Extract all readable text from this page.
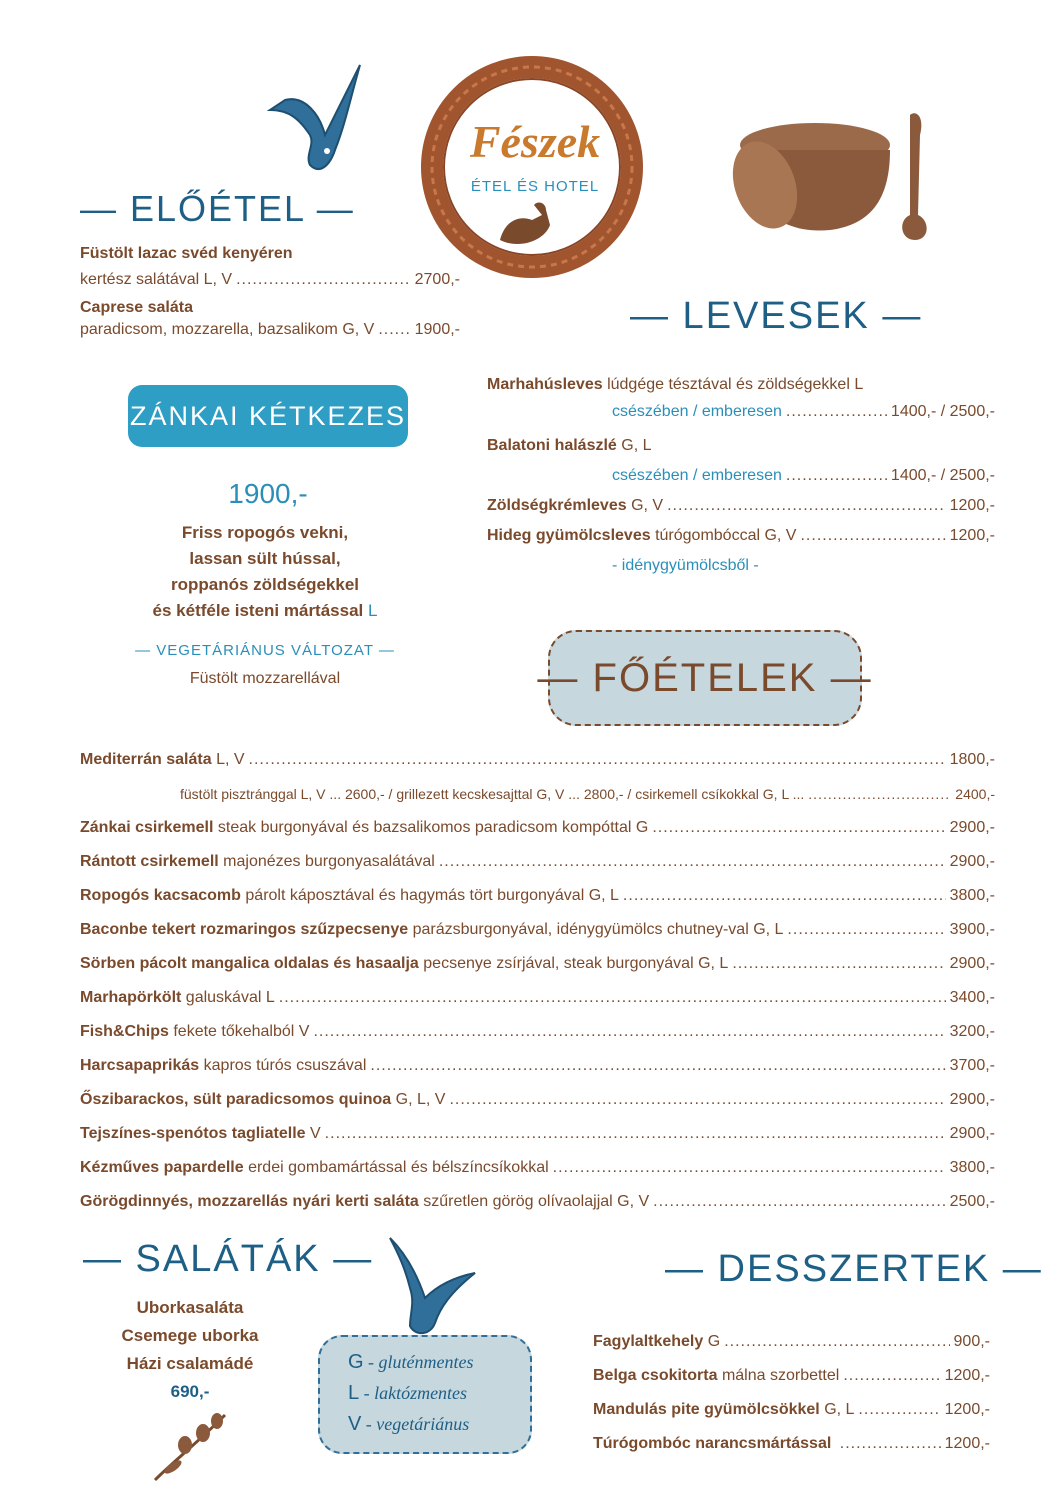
Fészek
ÉTEL ÉS HOTEL
— ELŐÉTEL —
Füstölt lazac svéd kenyéren
kertész salátával L, V .....	2700,-
Caprese saláta
paradicsom, mozzarella, bazsalikom G, V .....	1900,-
— ZÁNKAI KÉTKEZES —
1900,-
Friss ropogós vekni,
lassan sült hússal,
roppanós zöldségekkel
és kétféle isteni mártással L
— VEGETÁRIÁNUS VÁLTOZAT —
Füstölt mozzarellával
— LEVESEK —
Marhahúsleves lúdgége tésztával és zöldségekkel L
csészében / emberesen .....	1400,- / 2500,-
Balatoni halászlé G, L
csészében / emberesen .....	1400,- / 2500,-
Zöldségkrémleves
G, V .....	1200,-
Hideg gyümölcsleves
túrógombóccal G, V .....	1200,-
- idénygyümölcsből -
— FŐÉTELEK —
Mediterrán saláta
L, V .....	1800,-
füstölt pisztránggal L, V ... 2600,- / grillezett kecskesajttal G, V ... 2800,- / csirkemell csíkokkal G, L ... .....	2400,-
Zánkai csirkemell
steak burgonyával és bazsalikomos paradicsom kompóttal G .....	2900,-
Rántott csirkemell
majonézes burgonyasalátával .....	2900,-
Ropogós kacsacomb
párolt káposztával és hagymás tört burgonyával G, L .....	3800,-
Baconbe tekert rozmaringos szűzpecsenye
parázsburgonyával, idénygyümölcs chutney-val G, L .....	3900,-
Sörben pácolt mangalica oldalas és hasaalja
pecsenye zsírjával, steak burgonyával G, L .....	2900,-
Marhapörkölt
galuskával L .....	3400,-
Fish&Chips
fekete tőkehalból V .....	3200,-
Harcsapaprikás
kapros túrós csuszával .....	3700,-
Őszibarackos, sült paradicsomos quinoa
G, L, V .....	2900,-
Tejszínes-spenótos tagliatelle
V .....	2900,-
Kézműves papardelle
erdei gombamártással és bélszíncsíkokkal .....	3800,-
Görögdinnyés, mozzarellás nyári kerti saláta
szűretlen görög olívaolajjal G, V .....	2500,-
— SALÁTÁK —
Uborkasaláta
Csemege uborka
Házi csalamádé
690,-
G - gluténmentes
L - laktózmentes
V - vegetáriánus
— DESSZERTEK —
Fagylaltkehely
G .....	900,-
Belga csokitorta
málna szorbettel .....	1200,-
Mandulás pite gyümölcsökkel
G, L .....	1200,-
Túrógombóc narancsmártással
.....	1200,-
